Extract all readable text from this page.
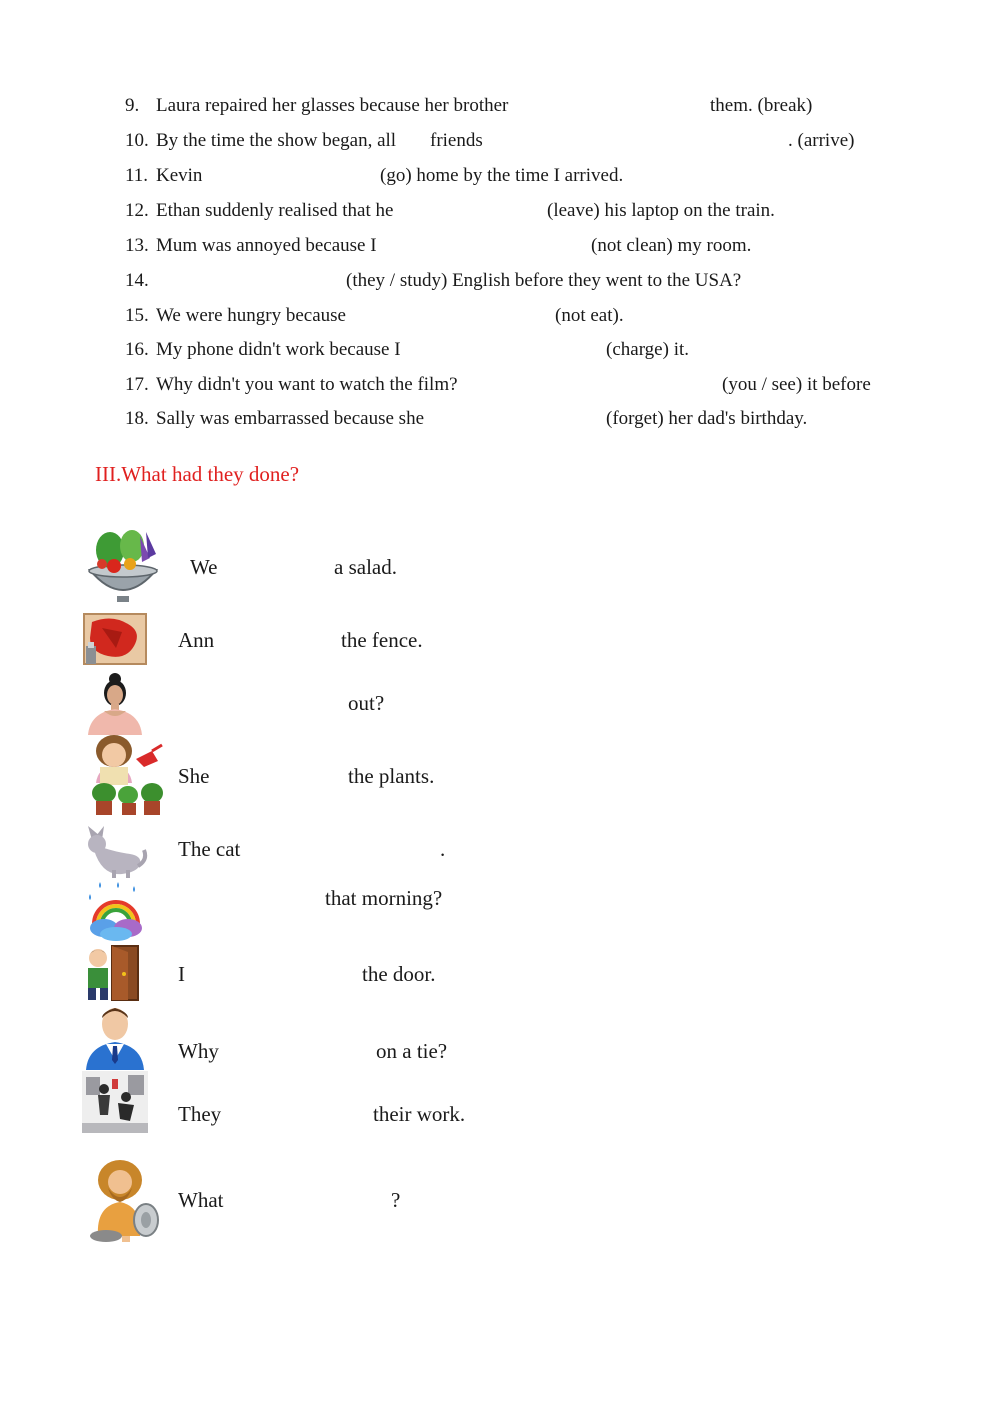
9. Laura repaired her glasses because her brother	them. (break)
10. By the time the show began, all friends	. (arrive)
11. Kevin	(go) home by the time I arrived.
12. Ethan suddenly realised that he	(leave) his laptop on the train.
13. Mum was annoyed because I	(not clean) my room.
14.	(they / study) English before they went to the USA?
15. We were hungry because	(not eat).
16. My phone didn't work because I	(charge) it.
17. Why didn't you want to watch the film?	(you / see) it before
18. Sally was embarrassed because she	(forget) her dad's birthday.
III.What had they done?
We	a salad.
Ann	the fence.
out?
She	the plants.
The cat	.
that morning?
I	the door.
Why	on a tie?
They	their work.
What	?
